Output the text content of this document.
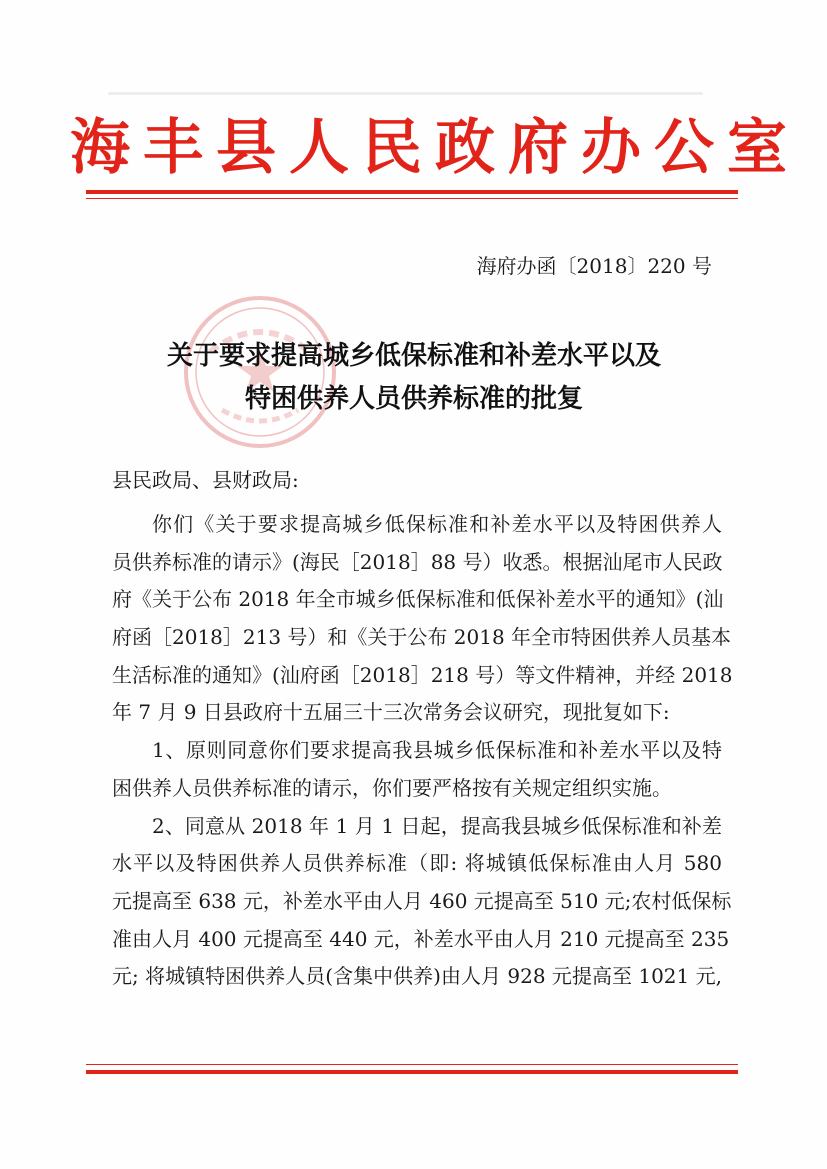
海丰县人民政府办公室
海府办函〔2018〕220 号
关于要求提高城乡低保标准和补差水平以及
特困供养人员供养标准的批复
县民政局、县财政局:
你们《关于要求提高城乡低保标准和补差水平以及特困供养人
员供养标准的请示》(海民［2018］88 号）收悉。根据汕尾市人民政
府《关于公布 2018 年全市城乡低保标准和低保补差水平的通知》(汕
府函［2018］213 号）和《关于公布 2018 年全市特困供养人员基本
生活标准的通知》(汕府函［2018］218 号）等文件精神，并经 2018
年 7 月 9 日县政府十五届三十三次常务会议研究，现批复如下:
1、原则同意你们要求提高我县城乡低保标准和补差水平以及特
困供养人员供养标准的请示，你们要严格按有关规定组织实施。
2、同意从 2018 年 1 月 1 日起，提高我县城乡低保标准和补差
水平以及特困供养人员供养标准（即: 将城镇低保标准由人月 580
元提高至 638 元，补差水平由人月 460 元提高至 510 元;农村低保标
准由人月 400 元提高至 440 元，补差水平由人月 210 元提高至 235
元; 将城镇特困供养人员(含集中供养)由人月 928 元提高至 1021 元,
